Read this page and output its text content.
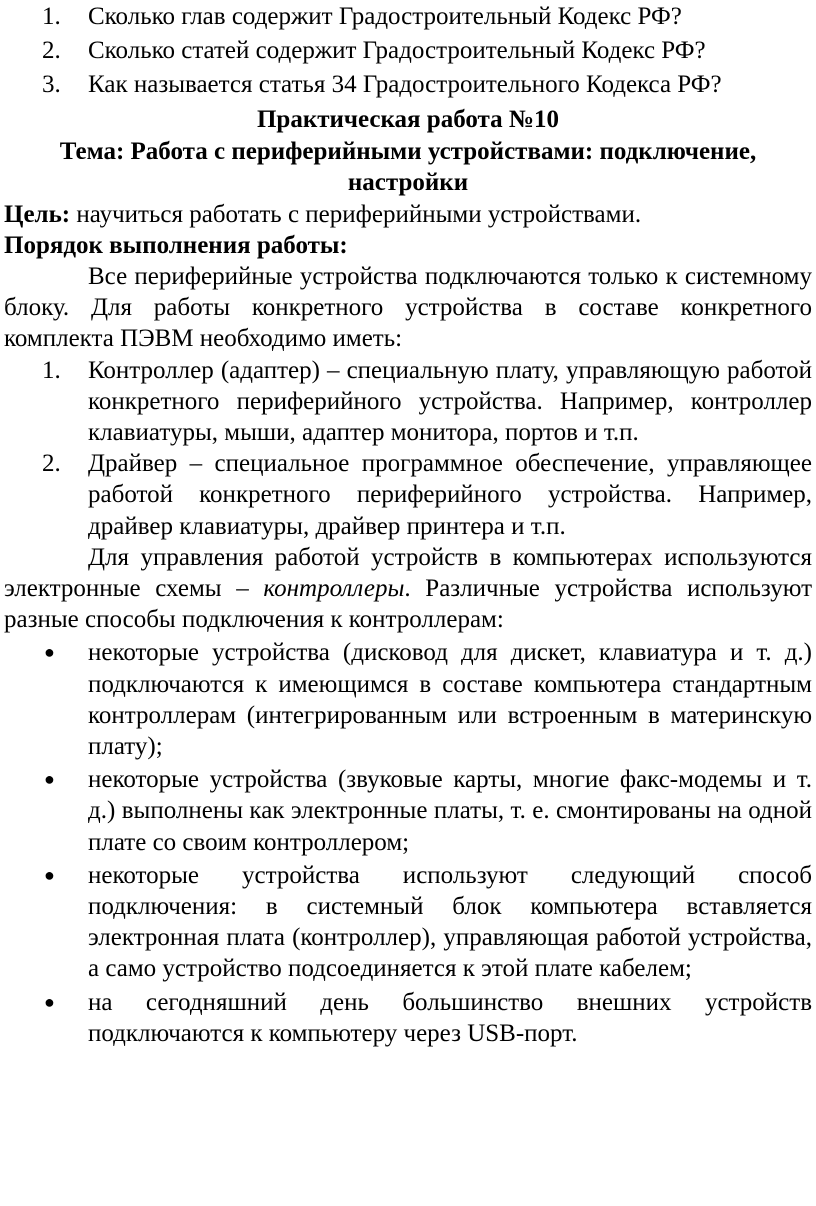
1. Сколько глав содержит Градостроительный Кодекс РФ?
2. Сколько статей содержит Градостроительный Кодекс РФ?
3. Как называется статья 34 Градостроительного Кодекса РФ?

Практическая работа №10

Тема: Работа с периферийными устройствами: подключение, настройки

Цель: научиться работать с периферийными устройствами.

Порядок выполнения работы:

Все периферийные устройства подключаются только к системному блоку. Для работы конкретного устройства в составе конкретного комплекта ПЭВМ необходимо иметь:

1. Контроллер (адаптер) – специальную плату, управляющую работой конкретного периферийного устройства. Например, контроллер клавиатуры, мыши, адаптер монитора, портов и т.п.
2. Драйвер – специальное программное обеспечение, управляющее работой конкретного периферийного устройства. Например, драйвер клавиатуры, драйвер принтера и т.п.

Для управления работой устройств в компьютерах используются электронные схемы – контроллеры. Различные устройства используют разные способы подключения к контроллерам:

● некоторые устройства (дисковод для дискет, клавиатура и т. д.) подключаются к имеющимся в составе компьютера стандартным контроллерам (интегрированным или встроенным в материнскую плату);
● некоторые устройства (звуковые карты, многие факс-модемы и т. д.) выполнены как электронные платы, т. е. смонтированы на одной плате со своим контроллером;
● некоторые устройства используют следующий способ подключения: в системный блок компьютера вставляется электронная плата (контроллер), управляющая работой устройства, а само устройство подсоединяется к этой плате кабелем;
● на сегодняшний день большинство внешних устройств подключаются к компьютеру через USB-порт.
